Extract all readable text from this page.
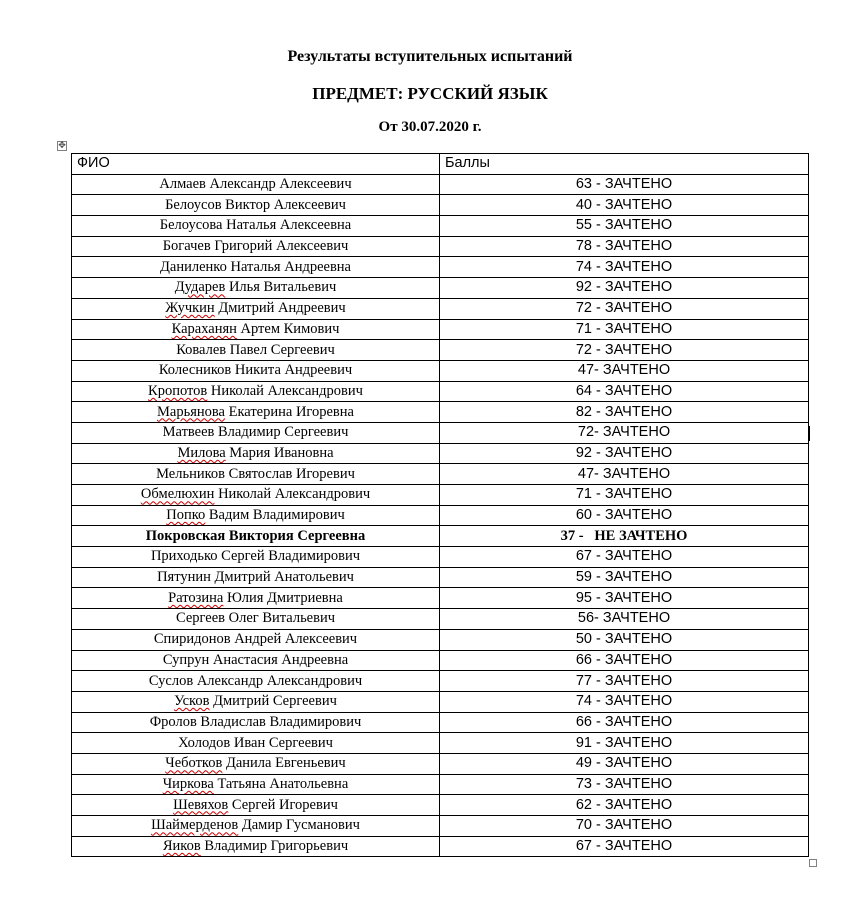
Результаты вступительных испытаний
ПРЕДМЕТ: РУССКИЙ ЯЗЫК
От 30.07.2020 г.
✥
ФИО	Баллы
Алмаев Александр Алексеевич	63 - ЗАЧТЕНО
Белоусов Виктор Алексеевич	40 - ЗАЧТЕНО
Белоусова Наталья Алексеевна	55 - ЗАЧТЕНО
Богачев Григорий Алексеевич	78 - ЗАЧТЕНО
Даниленко Наталья Андреевна	74 - ЗАЧТЕНО
Дударев Илья Витальевич	92 - ЗАЧТЕНО
Жучкин Дмитрий Андреевич	72 - ЗАЧТЕНО
Караханян Артем Кимович	71 - ЗАЧТЕНО
Ковалев Павел Сергеевич	72 - ЗАЧТЕНО
Колесников Никита Андреевич	47- ЗАЧТЕНО
Кропотов Николай Александрович	64 - ЗАЧТЕНО
Марьянова Екатерина Игоревна	82 - ЗАЧТЕНО
Матвеев Владимир Сергеевич	72- ЗАЧТЕНО
Милова Мария Ивановна	92 - ЗАЧТЕНО
Мельников Святослав Игоревич	47- ЗАЧТЕНО
Обмелюхин Николай Александрович	71 - ЗАЧТЕНО
Попко Вадим Владимирович	60 - ЗАЧТЕНО
Покровская Виктория Сергеевна	37 -   НЕ ЗАЧТЕНО
Приходько Сергей Владимирович	67 - ЗАЧТЕНО
Пятунин Дмитрий Анатольевич	59 - ЗАЧТЕНО
Ратозина Юлия Дмитриевна	95 - ЗАЧТЕНО
Сергеев Олег Витальевич	56- ЗАЧТЕНО
Спиридонов Андрей Алексеевич	50 - ЗАЧТЕНО
Супрун Анастасия Андреевна	66 - ЗАЧТЕНО
Суслов Александр Александрович	77 - ЗАЧТЕНО
Усков Дмитрий Сергеевич	74 - ЗАЧТЕНО
Фролов Владислав Владимирович	66 - ЗАЧТЕНО
Холодов Иван Сергеевич	91 - ЗАЧТЕНО
Чеботков Данила Евгеньевич	49 - ЗАЧТЕНО
Чиркова Татьяна Анатольевна	73 - ЗАЧТЕНО
Шевяхов Сергей Игоревич	62 - ЗАЧТЕНО
Шаймерденов Дамир Гусманович	70 - ЗАЧТЕНО
Яиков Владимир Григорьевич	67 - ЗАЧТЕНО
